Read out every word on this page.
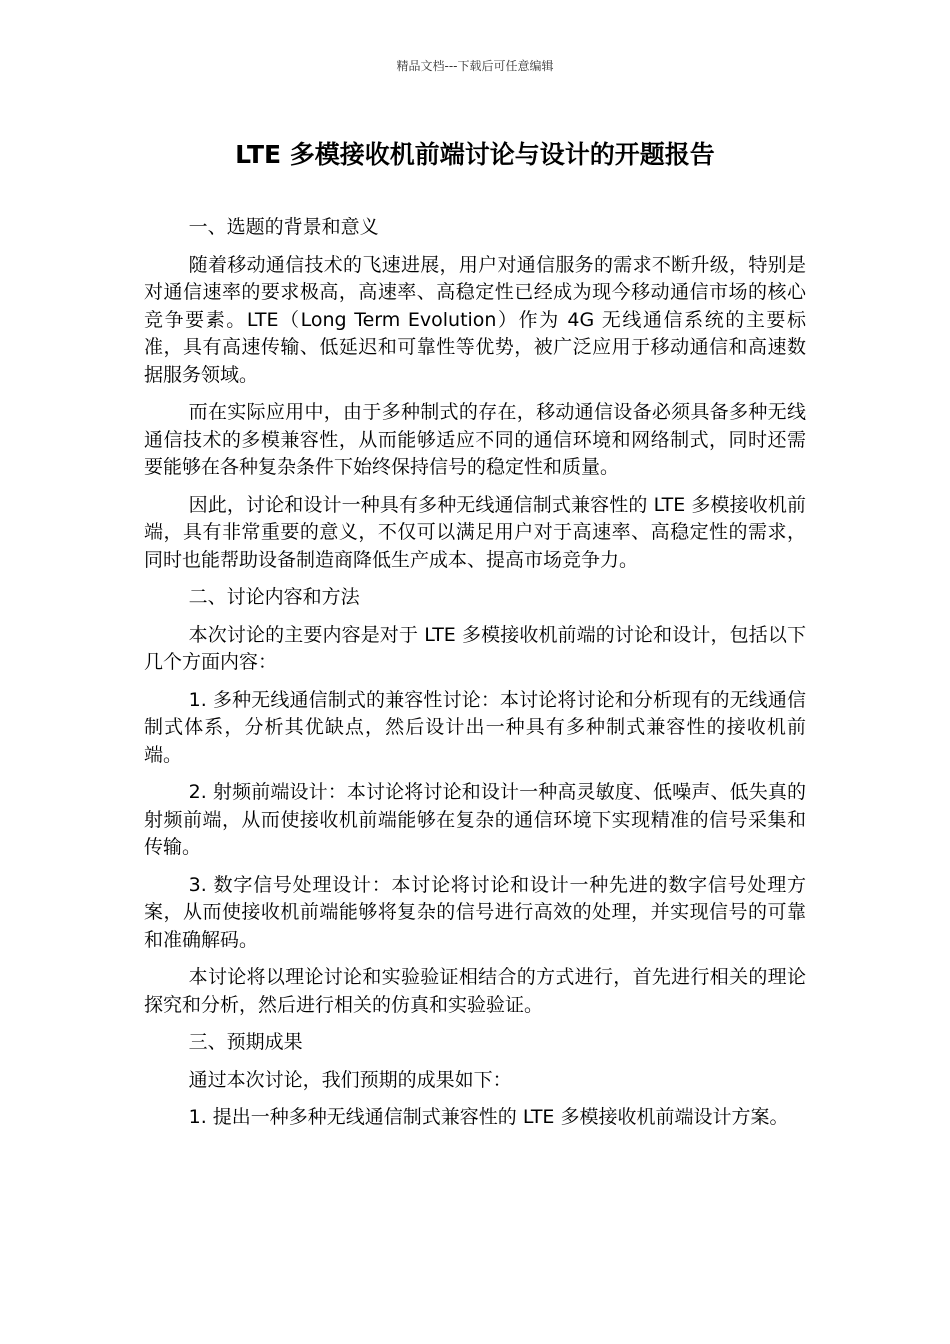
精品文档---下载后可任意编辑
LTE 多模接收机前端讨论与设计的开题报告

一、选题的背景和意义

随着移动通信技术的飞速进展，用户对通信服务的需求不断升级，特别是对通信速率的要求极高，高速率、高稳定性已经成为现今移动通信市场的核心竞争要素。LTE（Long Term Evolution）作为 4G 无线通信系统的主要标准，具有高速传输、低延迟和可靠性等优势，被广泛应用于移动通信和高速数据服务领域。

而在实际应用中，由于多种制式的存在，移动通信设备必须具备多种无线通信技术的多模兼容性，从而能够适应不同的通信环境和网络制式，同时还需要能够在各种复杂条件下始终保持信号的稳定性和质量。

因此，讨论和设计一种具有多种无线通信制式兼容性的 LTE 多模接收机前端，具有非常重要的意义，不仅可以满足用户对于高速率、高稳定性的需求，同时也能帮助设备制造商降低生产成本、提高市场竞争力。

二、讨论内容和方法

本次讨论的主要内容是对于 LTE 多模接收机前端的讨论和设计，包括以下几个方面内容：

1. 多种无线通信制式的兼容性讨论：本讨论将讨论和分析现有的无线通信制式体系，分析其优缺点，然后设计出一种具有多种制式兼容性的接收机前端。

2. 射频前端设计：本讨论将讨论和设计一种高灵敏度、低噪声、低失真的射频前端，从而使接收机前端能够在复杂的通信环境下实现精准的信号采集和传输。

3. 数字信号处理设计：本讨论将讨论和设计一种先进的数字信号处理方案，从而使接收机前端能够将复杂的信号进行高效的处理，并实现信号的可靠和准确解码。

本讨论将以理论讨论和实验验证相结合的方式进行，首先进行相关的理论探究和分析，然后进行相关的仿真和实验验证。

三、预期成果

通过本次讨论，我们预期的成果如下：

1. 提出一种多种无线通信制式兼容性的 LTE 多模接收机前端设计方案。
